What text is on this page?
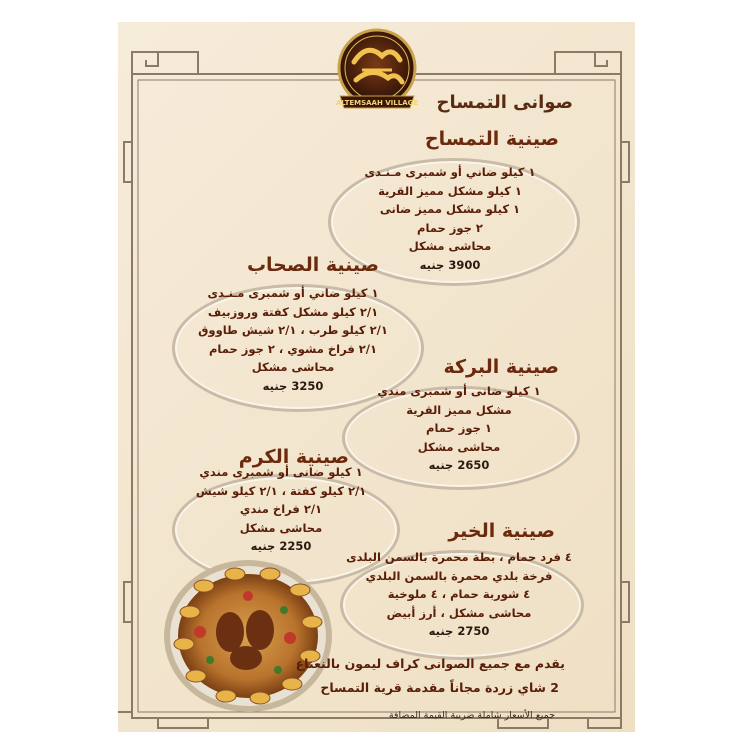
ALTEMSAAH VILLAGE صوانى التمساح
صينية التمساح
١ كيلو ضاني أو شمبرى مـنـدى
١ كيلو مشكل مميز القرية
١ كيلو مشكل مميز ضانى
٢ جوز حمام
محاشى مشكل
3900 جنيه
صينية الصحاب
١ كيلو ضاني أو شمبرى مـنـدى
٢/١ كيلو مشكل كفتة وروزبيف
٢/١ كيلو طرب ، ٢/١ شيش طاووق
٢/١ فراخ مشوي ، ٢ جوز حمام
محاشى مشكل
3250 جنيه
صينية البركة
١ كيلو ضانى أو شمبرى مندي
مشكل مميز القرية
١ جوز حمام
محاشى مشكل
2650 جنيه
صينية الكرم
١ كيلو ضانى أو شمبرى مندي
٢/١ كيلو كفتة ، ٢/١ كيلو شيش
٢/١ فراخ مندي
محاشى مشكل
2250 جنيه
صينية الخير
٤ فرد حمام ، بطة محمرة بالسمن البلدى
فرخة بلدي محمرة بالسمن البلدي
٤ شوربة حمام ، ٤ ملوخية
محاشى مشكل ، أرز أبيض
2750 جنيه
يقدم مع جميع الصوانى كراف ليمون بالنعناع
2 شاي زردة مجاناً مقدمة قرية التمساح
جميع الأسعار شاملة ضريبة القيمة المضافة
